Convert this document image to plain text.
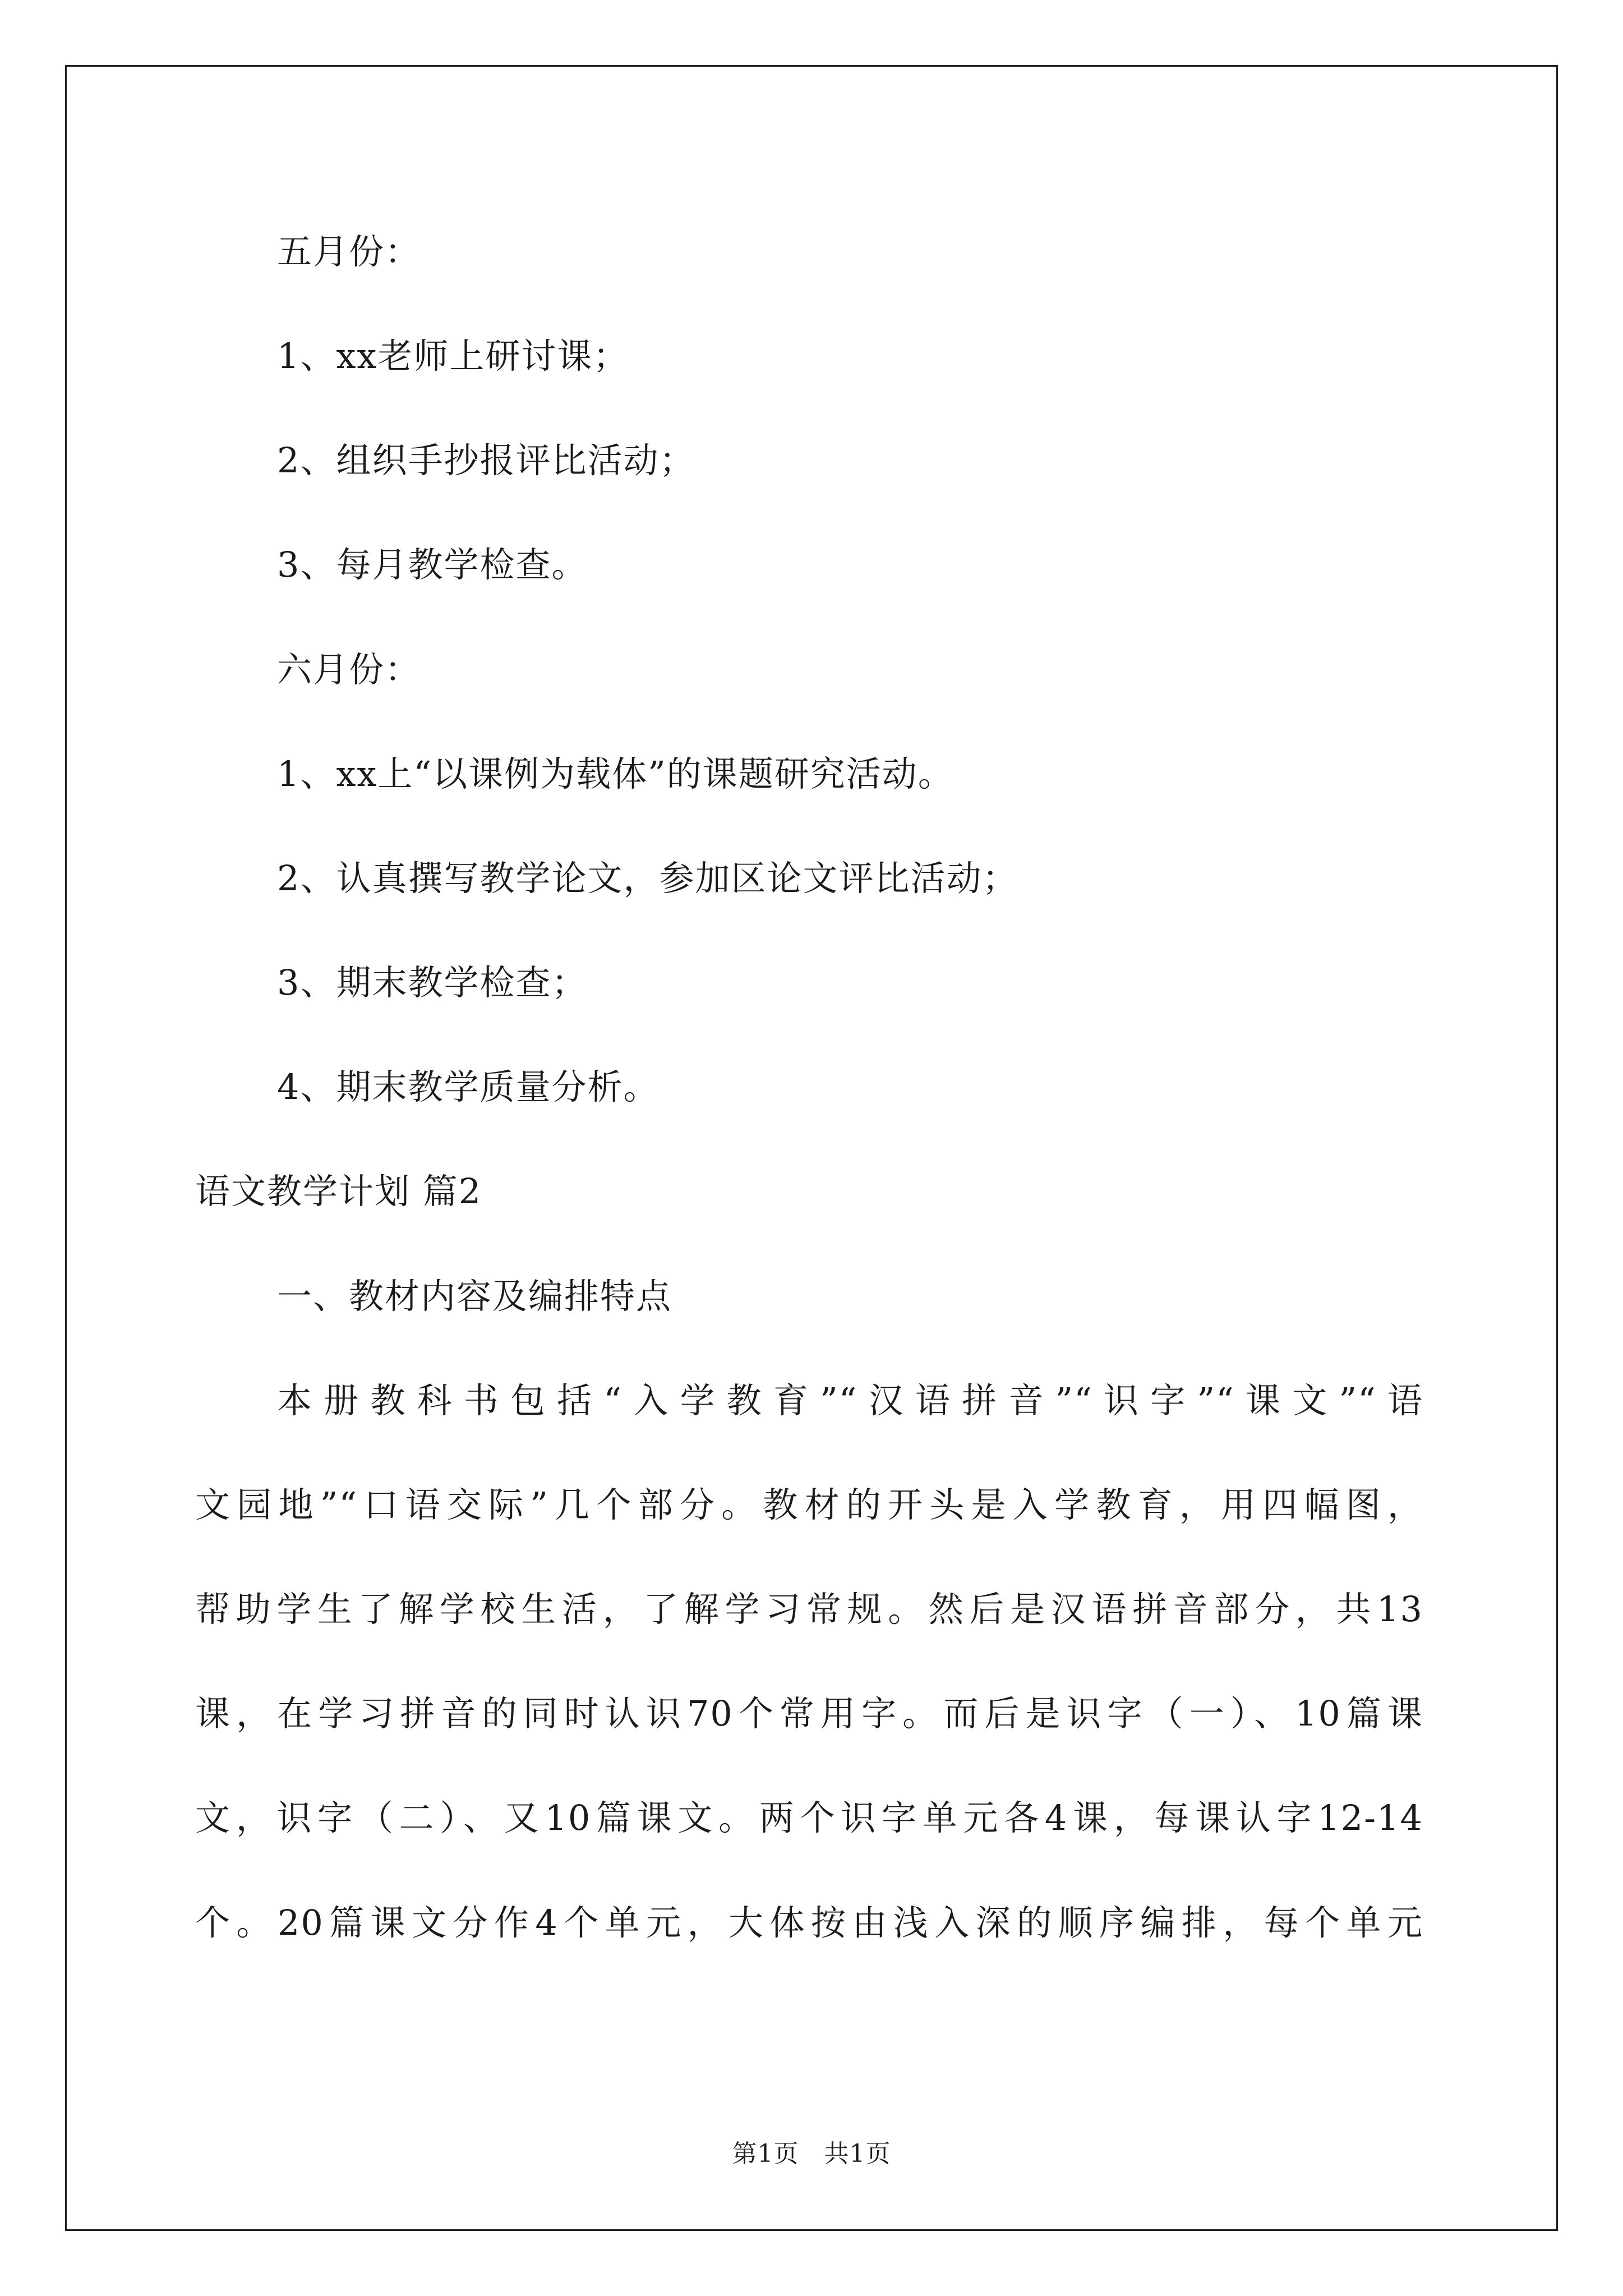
五月份：
1、xx老师上研讨课；
2、组织手抄报评比活动；
3、每月教学检查。
六月份：
1、xx上“以课例为载体”的课题研究活动。
2、认真撰写教学论文，参加区论文评比活动；
3、期末教学检查；
4、期末教学质量分析。
语文教学计划 篇2
一、教材内容及编排特点
本册教科书包括“入学教育”“汉语拼音”“识字”“课文”“语
文园地”“口语交际”几个部分。教材的开头是入学教育，用四幅图，
帮助学生了解学校生活，了解学习常规。然后是汉语拼音部分，共13
课，在学习拼音的同时认识70个常用字。而后是识字（一）、10篇课
文，识字（二）、又10篇课文。两个识字单元各4课，每课认字12-14
个。20篇课文分作4个单元，大体按由浅入深的顺序编排，每个单元
第1页　共1页
